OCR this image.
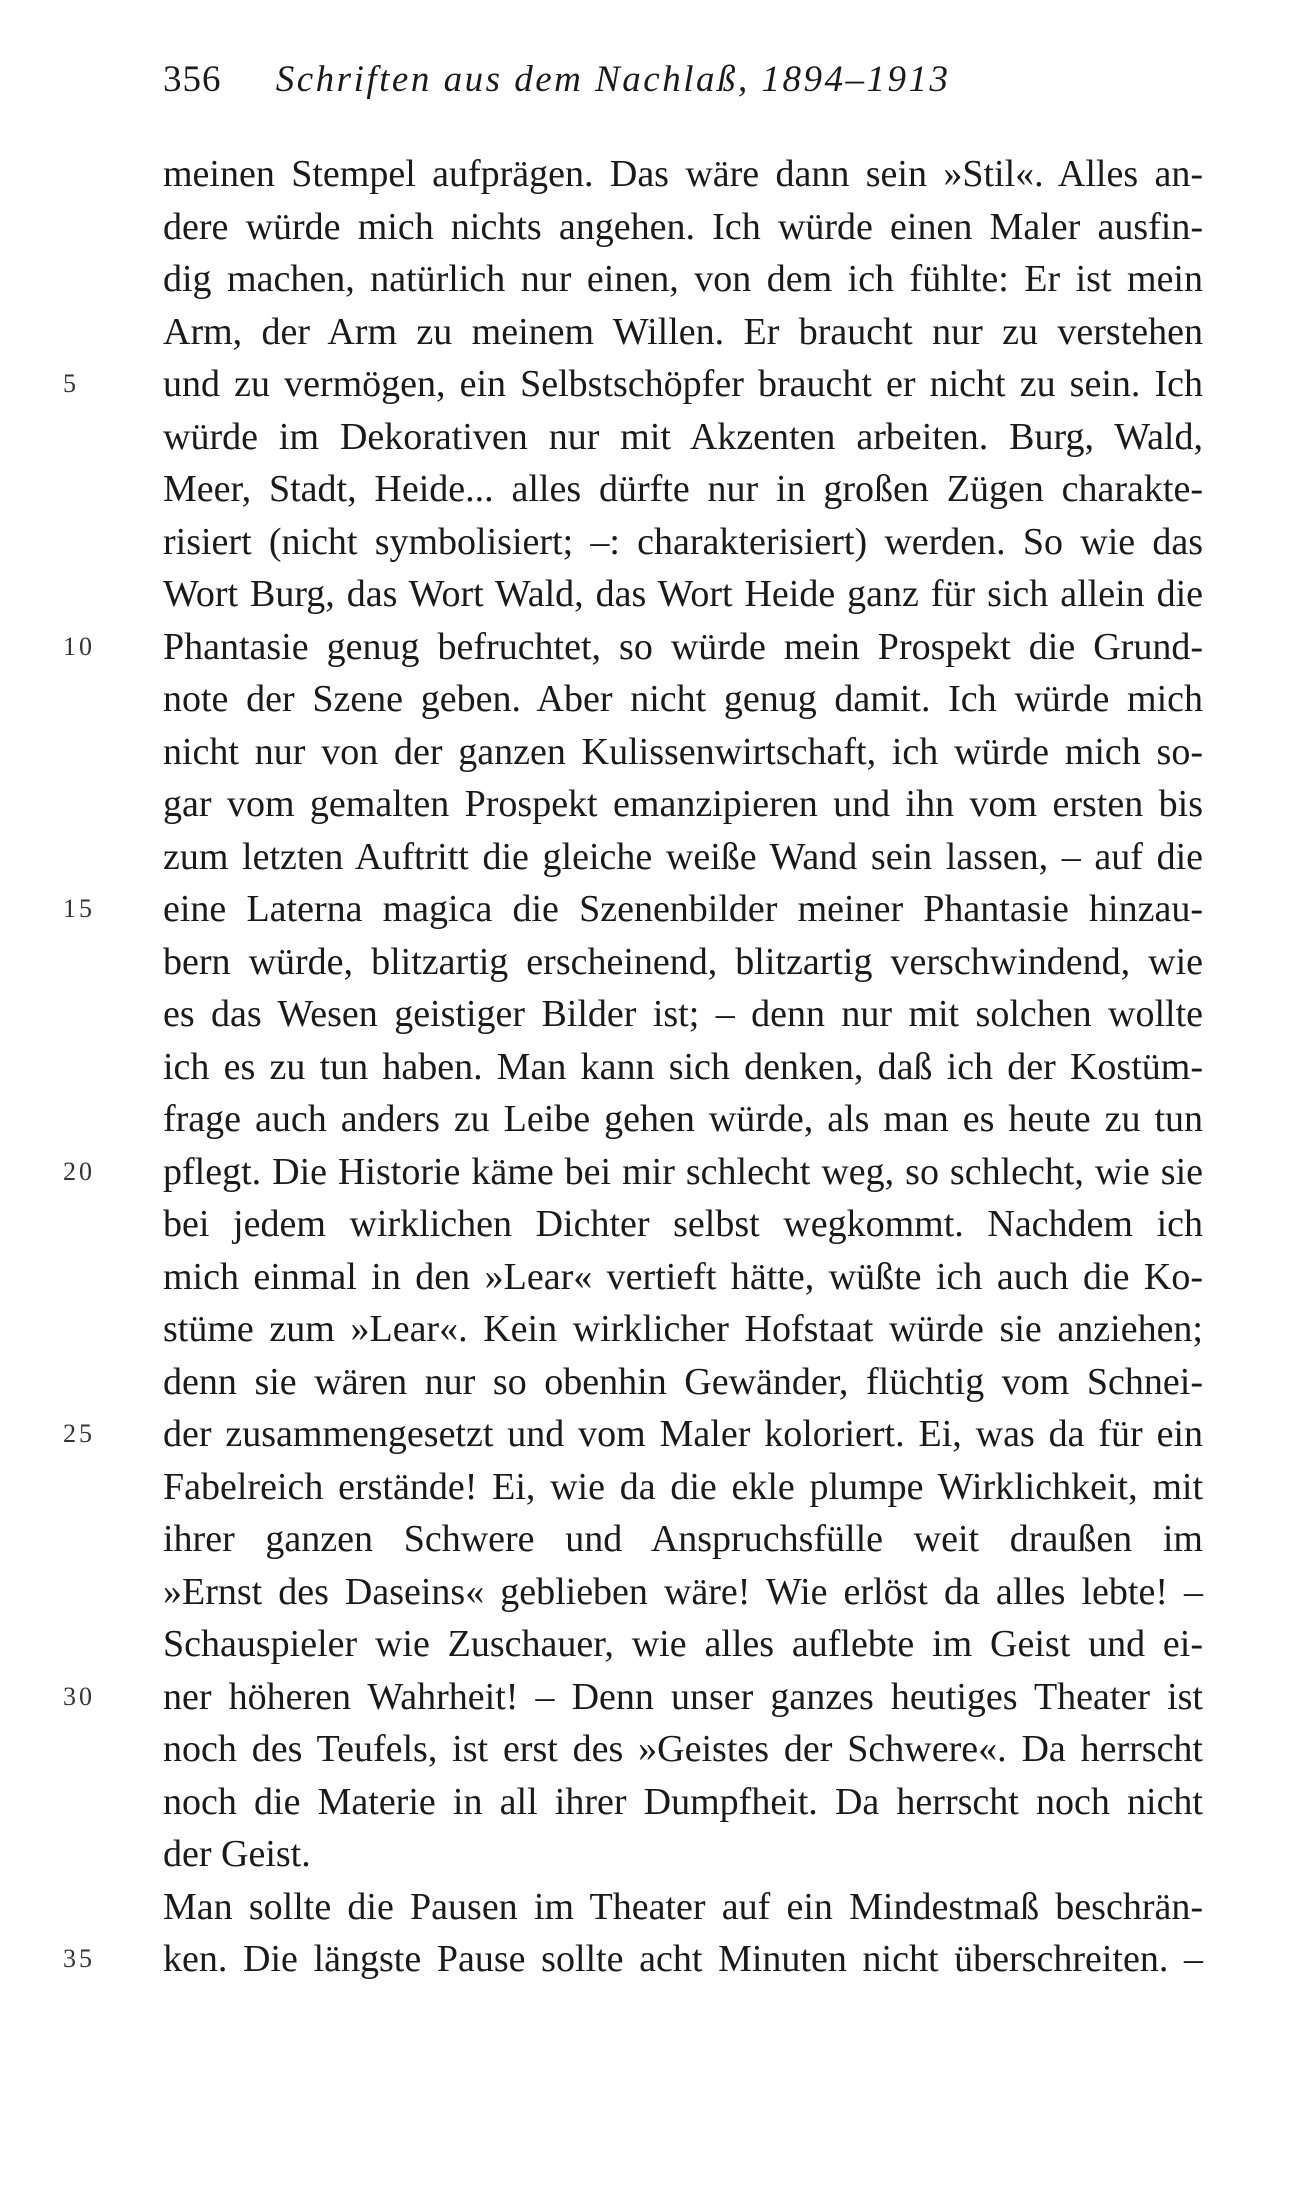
356 Schriften aus dem Nachlaß, 1894–1913
meinen Stempel aufprägen. Das wäre dann sein »Stil«. Alles an-
dere würde mich nichts angehen. Ich würde einen Maler ausfin-
dig machen, natürlich nur einen, von dem ich fühlte: Er ist mein
Arm, der Arm zu meinem Willen. Er braucht nur zu verstehen
5	und zu vermögen, ein Selbstschöpfer braucht er nicht zu sein. Ich
würde im Dekorativen nur mit Akzenten arbeiten. Burg, Wald,
Meer, Stadt, Heide... alles dürfte nur in großen Zügen charakte-
risiert (nicht symbolisiert; –: charakterisiert) werden. So wie das
Wort Burg, das Wort Wald, das Wort Heide ganz für sich allein die
10 Phantasie genug befruchtet, so würde mein Prospekt die Grund-
note der Szene geben. Aber nicht genug damit. Ich würde mich
nicht nur von der ganzen Kulissenwirtschaft, ich würde mich so-
gar vom gemalten Prospekt emanzipieren und ihn vom ersten bis
zum letzten Auftritt die gleiche weiße Wand sein lassen, – auf die
15 eine Laterna magica die Szenenbilder meiner Phantasie hinzau-
bern würde, blitzartig erscheinend, blitzartig verschwindend, wie
es das Wesen geistiger Bilder ist; – denn nur mit solchen wollte
ich es zu tun haben. Man kann sich denken, daß ich der Kostüm-
frage auch anders zu Leibe gehen würde, als man es heute zu tun
20 pflegt. Die Historie käme bei mir schlecht weg, so schlecht, wie sie
bei jedem wirklichen Dichter selbst wegkommt. Nachdem ich
mich einmal in den »Lear« vertieft hätte, wüßte ich auch die Ko-
stüme zum »Lear«. Kein wirklicher Hofstaat würde sie anziehen;
denn sie wären nur so obenhin Gewänder, flüchtig vom Schnei-
25 der zusammengesetzt und vom Maler koloriert. Ei, was da für ein
Fabelreich erstände! Ei, wie da die ekle plumpe Wirklichkeit, mit
ihrer ganzen Schwere und Anspruchsfülle weit draußen im
»Ernst des Daseins« geblieben wäre! Wie erlöst da alles lebte! –
Schauspieler wie Zuschauer, wie alles auflebte im Geist und ei-
30 ner höheren Wahrheit! – Denn unser ganzes heutiges Theater ist
noch des Teufels, ist erst des »Geistes der Schwere«. Da herrscht
noch die Materie in all ihrer Dumpfheit. Da herrscht noch nicht
der Geist.
Man sollte die Pausen im Theater auf ein Mindestmaß beschrän-
35 ken. Die längste Pause sollte acht Minuten nicht überschreiten. –
